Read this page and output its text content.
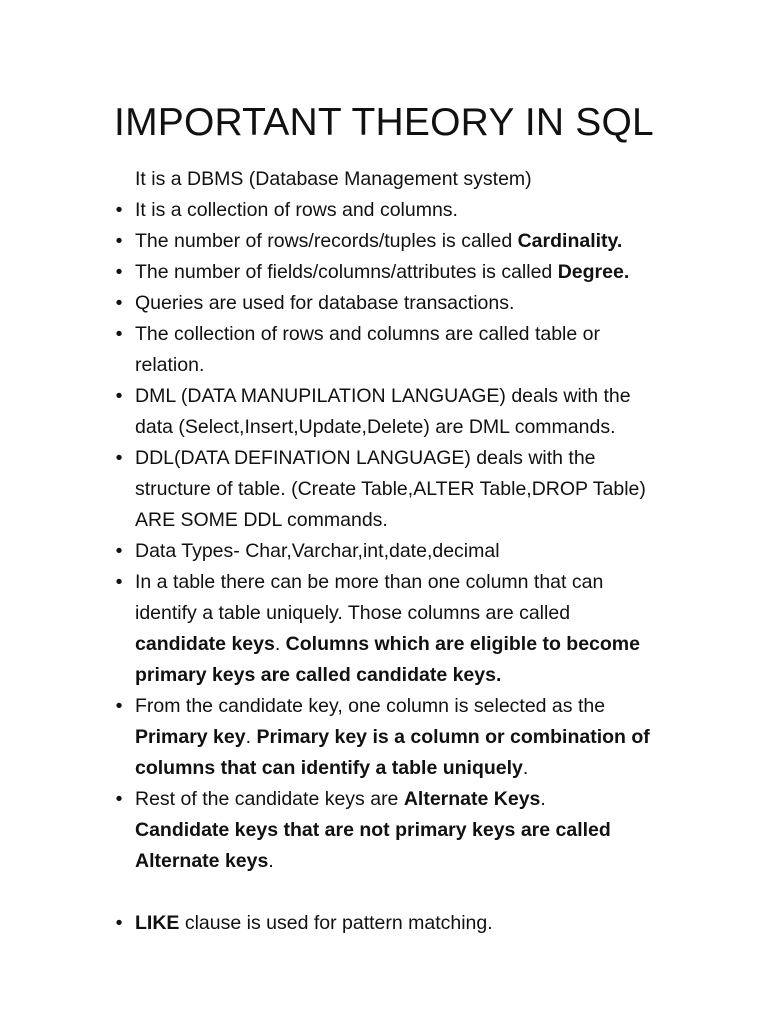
IMPORTANT THEORY IN SQL
It is a DBMS (Database Management system)
• It is a collection of rows and columns.
• The number of rows/records/tuples is called Cardinality.
• The number of fields/columns/attributes is called Degree.
• Queries are used for database transactions.
• The collection of rows and columns are called table or
relation.
• DML (DATA MANUPILATION LANGUAGE) deals with the
data (Select,Insert,Update,Delete) are DML commands.
• DDL(DATA DEFINATION LANGUAGE) deals with the
structure of table. (Create Table,ALTER Table,DROP Table)
ARE SOME DDL commands.
• Data Types- Char,Varchar,int,date,decimal
• In a table there can be more than one column that can
identify a table uniquely. Those columns are called
candidate keys. Columns which are eligible to become
primary keys are called candidate keys.
• From the candidate key, one column is selected as the
Primary key. Primary key is a column or combination of
columns that can identify a table uniquely.
• Rest of the candidate keys are Alternate Keys.
Candidate keys that are not primary keys are called
Alternate keys.
• LIKE clause is used for pattern matching.
